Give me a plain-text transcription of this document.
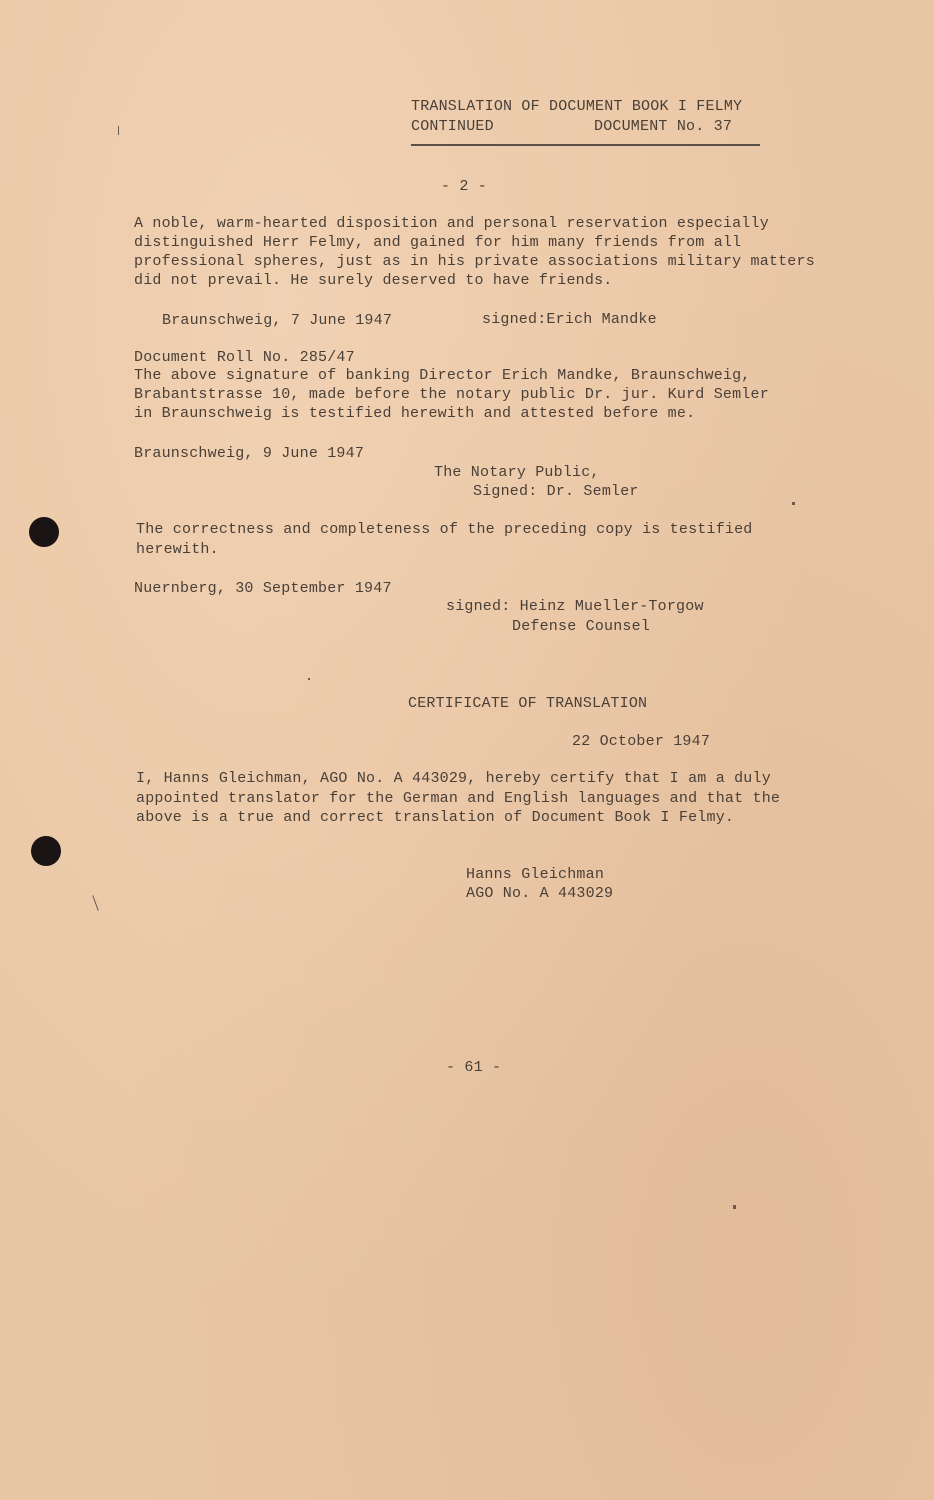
TRANSLATION OF DOCUMENT BOOK I FELMY
CONTINUED	DOCUMENT No. 37
- 2 -
A noble, warm-hearted disposition and personal reservation especially
distinguished Herr Felmy, and gained for him many friends from all
professional spheres, just as in his private associations military matters
did not prevail. He surely deserved to have friends.
Braunschweig, 7 June 1947	signed:Erich Mandke
Document Roll No. 285/47
The above signature of banking Director Erich Mandke, Braunschweig,
Brabantstrasse 10, made before the notary public Dr. jur. Kurd Semler
in Braunschweig is testified herewith and attested before me.
Braunschweig, 9 June 1947
The Notary Public,
Signed: Dr. Semler
The correctness and completeness of the preceding copy is testified
herewith.
Nuernberg, 30 September 1947
signed: Heinz Mueller-Torgow
Defense Counsel
CERTIFICATE OF TRANSLATION
22 October 1947
I, Hanns Gleichman, AGO No. A 443029, hereby certify that I am a duly
appointed translator for the German and English languages and that the
above is a true and correct translation of Document Book I Felmy.
Hanns Gleichman
AGO No. A 443029
- 61 -
